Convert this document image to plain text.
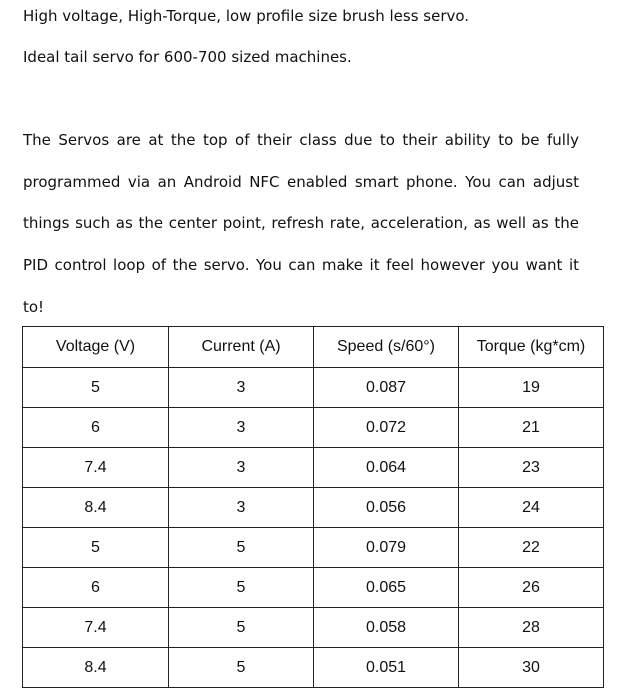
High voltage, High-Torque, low profile size brush less servo.

Ideal tail servo for 600-700 sized machines.

The Servos are at the top of their class due to their ability to be fully

programmed via an Android NFC enabled smart phone. You can adjust

things such as the center point, refresh rate, acceleration, as well as the

PID control loop of the servo. You can make it feel however you want it

to!

Voltage (V)	Current (A)	Speed (s/60°)	Torque (kg*cm)
5	3	0.087	19
6	3	0.072	21
7.4	3	0.064	23
8.4	3	0.056	24
5	5	0.079	22
6	5	0.065	26
7.4	5	0.058	28
8.4	5	0.051	30
